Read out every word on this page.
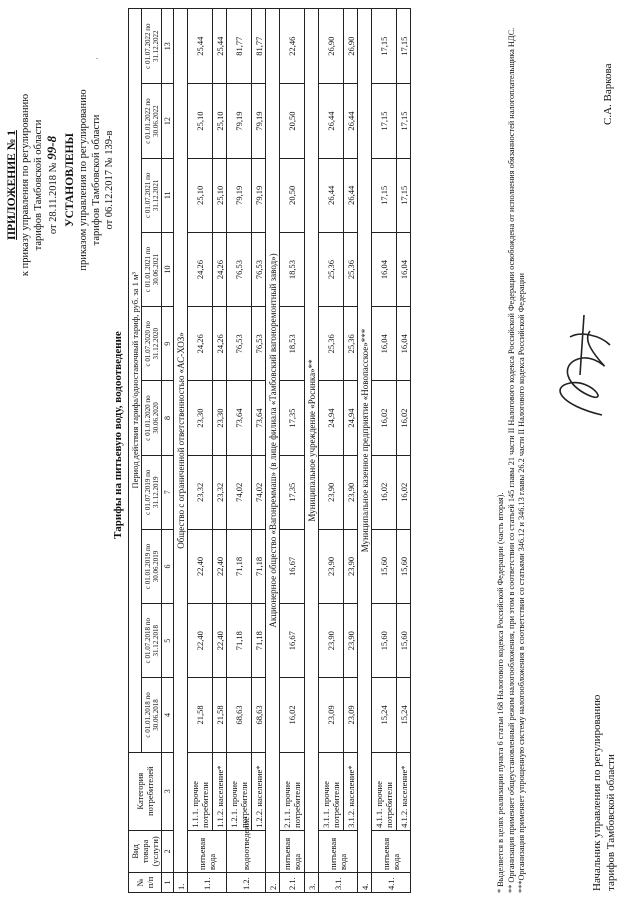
ПРИЛОЖЕНИЕ № 1 к приказу управления по регулированию тарифов Тамбовской области от 28.11.2018 № 99-8 УСТАНОВЛЕНЫ приказом управления по регулированию тарифов Тамбовской области от 06.12.2017 № 139-в
·
Тарифы на питьевую воду, водоотведение
№ п/п	Вид товара (услуги)	Категория потребителей	Период действия тарифа/одноставочный тариф, руб. за 1 м³									
			с 01.01.2018 по 30.06.2018	с 01.07.2018 по 31.12.2018	с 01.01.2019 по 30.06.2019	с 01.07.2019 по 31.12.2019	с 01.01.2020 по 30.06.2020	с 01.07.2020 по 31.12.2020	с 01.01.2021 по 30.06.2021	с 01.07.2021 по 31.12.2021	с 01.01.2022 по 30.06.2022	с 01.07.2022 по 31.12.2022
1	2	3	4	5	6	7	8	9	10	11	12	13
1.	Общество с ограниченной ответственностью «АС-ХОЗ»											
1.1.	питьевая вода	1.1.1. прочие потребители	21,58	22,40	22,40	23,32	23,30	24,26	24,26	25,10	25,10	25,44
		1.1.2. население*	21,58	22,40	22,40	23,32	23,30	24,26	24,26	25,10	25,10	25,44
1.2.	водоотведение	1.2.1. прочие потребители	68,63	71,18	71,18	74,02	73,64	76,53	76,53	79,19	79,19	81,77
		1.2.2. население*	68,63	71,18	71,18	74,02	73,64	76,53	76,53	79,19	79,19	81,77
2.	Акционерное общество «Вагонреммаш» (в лице филиала «Тамбовский вагоноремонтный завод»)											
2.1.	питьевая вода	2.1.1. прочие потребители	16,02	16,67	16,67	17,35	17,35	18,53	18,53	20,50	20,50	22,46
3.	Муниципальное учреждение «Росинка»**											
3.1.	питьевая вода	3.1.1. прочие потребители	23,09	23,90	23,90	23,90	24,94	25,36	25,36	26,44	26,44	26,90
		3.1.2. население*	23,09	23,90	23,90	23,90	24,94	25,36	25,36	26,44	26,44	26,90
4.	Муниципальное казенное предприятие «Новопасское»***											
4.1.	питьевая вода	4.1.1. прочие потребители	15,24	15,60	15,60	16,02	16,02	16,04	16,04	17,15	17,15	17,15
		4.1.2. население*	15,24	15,60	15,60	16,02	16,02	16,04	16,04	17,15	17,15	17,15

* Выделяется в целях реализации пункта 6 статьи 168 Налогового кодекса Российской Федерации (часть вторая). ** Организация применяет общеустановленный режим налогообложения, при этом в соответствии со статьей 145 главы 21 части II Налогового кодекса Российской Федерации освобождена от исполнения обязанностей налогоплательщика НДС. ***Организация применяет упрощенную систему налогообложения в соответствии со статьями 346.12 и 346.13 главы 26.2 части II Налогового кодекса Российской Федерации	Начальник управления по регулированию тарифов Тамбовской области
С.А. Варкова
